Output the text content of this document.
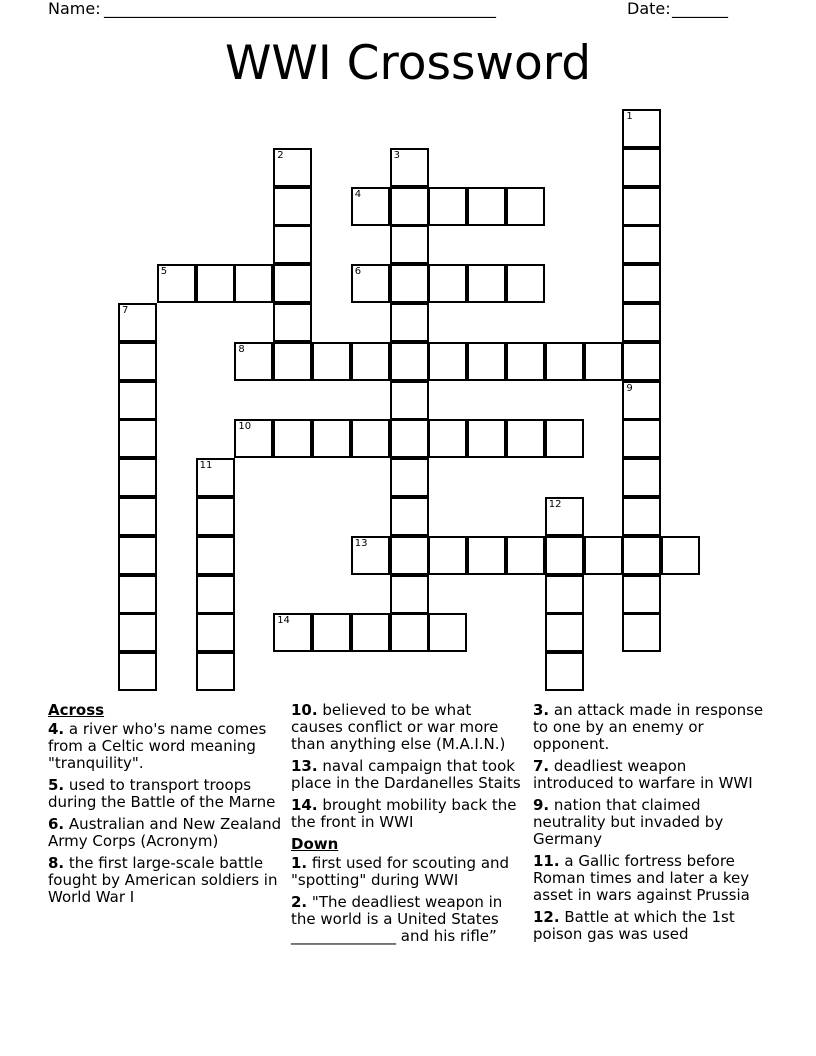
Name: _________________________________________________	Date: _______
WWI Crossword
1
2	3
4
5	6
7
8
9
10
11
12
13
14
Across
4. a river who's name comes from a Celtic word meaning "tranquility".
5. used to transport troops during the Battle of the Marne
6. Australian and New Zealand Army Corps (Acronym)
8. the first large-scale battle fought by American soldiers in World War I
10. believed to be what causes conflict or war more than anything else (M.A.I.N.)
13. naval campaign that took place in the Dardanelles Staits
14. brought mobility back the the front in WWI
Down
1. first used for scouting and "spotting" during WWI
2. "The deadliest weapon in the world is a United States ______________ and his rifle”
3. an attack made in response to one by an enemy or opponent.
7. deadliest weapon introduced to warfare in WWI
9. nation that claimed neutrality but invaded by Germany
11. a Gallic fortress before Roman times and later a key asset in wars against Prussia
12. Battle at which the 1st poison gas was used
